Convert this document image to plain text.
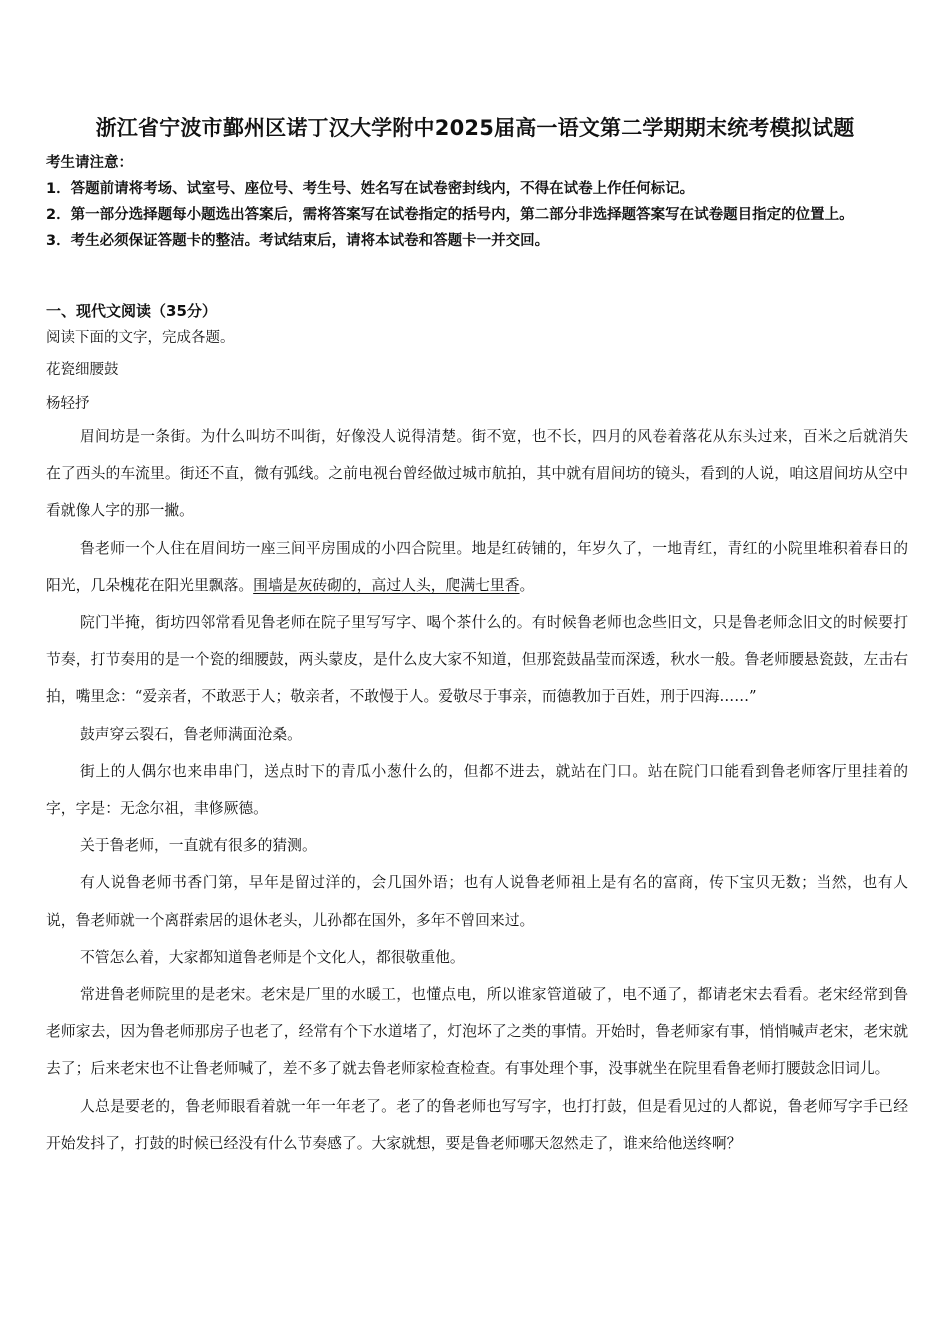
浙江省宁波市鄞州区诺丁汉大学附中2025届高一语文第二学期期末统考模拟试题
考生请注意：
1．答题前请将考场、试室号、座位号、考生号、姓名写在试卷密封线内，不得在试卷上作任何标记。
2．第一部分选择题每小题选出答案后，需将答案写在试卷指定的括号内，第二部分非选择题答案写在试卷题目指定的位置上。
3．考生必须保证答题卡的整洁。考试结束后，请将本试卷和答题卡一并交回。
一、现代文阅读（35分）
阅读下面的文字，完成各题。
花瓷细腰鼓
杨轻抒

眉间坊是一条街。为什么叫坊不叫街，好像没人说得清楚。街不宽，也不长，四月的风卷着落花从东头过来，百米之后就消失在了西头的车流里。街还不直，微有弧线。之前电视台曾经做过城市航拍，其中就有眉间坊的镜头，看到的人说，咱这眉间坊从空中看就像人字的那一撇。

鲁老师一个人住在眉间坊一座三间平房围成的小四合院里。地是红砖铺的，年岁久了，一地青红，青红的小院里堆积着春日的阳光，几朵槐花在阳光里飘落。围墙是灰砖砌的，高过人头，爬满七里香。

院门半掩，街坊四邻常看见鲁老师在院子里写写字、喝个茶什么的。有时候鲁老师也念些旧文，只是鲁老师念旧文的时候要打节奏，打节奏用的是一个瓷的细腰鼓，两头蒙皮，是什么皮大家不知道，但那瓷鼓晶莹而深透，秋水一般。鲁老师腰悬瓷鼓，左击右拍，嘴里念：“爱亲者，不敢恶于人；敬亲者，不敢慢于人。爱敬尽于事亲，而德教加于百姓，刑于四海……”

鼓声穿云裂石，鲁老师满面沧桑。

街上的人偶尔也来串串门，送点时下的青瓜小葱什么的，但都不进去，就站在门口。站在院门口能看到鲁老师客厅里挂着的字，字是：无念尔祖，聿修厥德。

关于鲁老师，一直就有很多的猜测。

有人说鲁老师书香门第，早年是留过洋的，会几国外语；也有人说鲁老师祖上是有名的富商，传下宝贝无数；当然，也有人说，鲁老师就一个离群索居的退休老头，儿孙都在国外，多年不曾回来过。

不管怎么着，大家都知道鲁老师是个文化人，都很敬重他。

常进鲁老师院里的是老宋。老宋是厂里的水暖工，也懂点电，所以谁家管道破了，电不通了，都请老宋去看看。老宋经常到鲁老师家去，因为鲁老师那房子也老了，经常有个下水道堵了，灯泡坏了之类的事情。开始时，鲁老师家有事，悄悄喊声老宋，老宋就去了；后来老宋也不让鲁老师喊了，差不多了就去鲁老师家检查检查。有事处理个事，没事就坐在院里看鲁老师打腰鼓念旧词儿。

人总是要老的，鲁老师眼看着就一年一年老了。老了的鲁老师也写写字，也打打鼓，但是看见过的人都说，鲁老师写字手已经开始发抖了，打鼓的时候已经没有什么节奏感了。大家就想，要是鲁老师哪天忽然走了，谁来给他送终啊？
